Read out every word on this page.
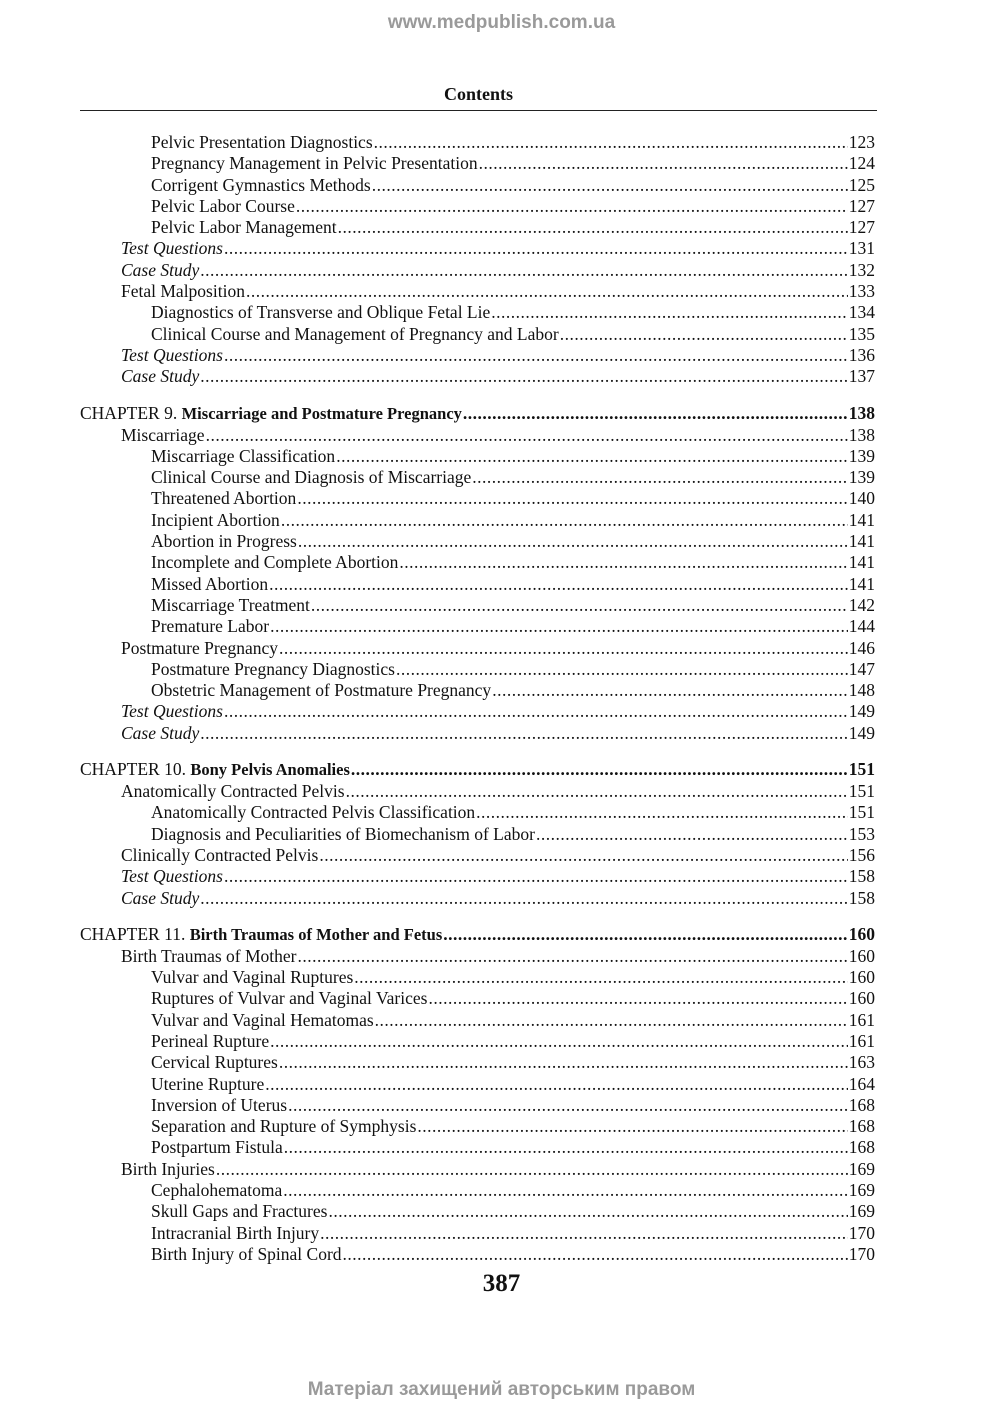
www.medpublish.com.ua
Contents
Pelvic Presentation Diagnostics .....	123
Pregnancy Management in Pelvic Presentation .....	124
Corrigent Gymnastics Methods .....	125
Pelvic Labor Course .....	127
Pelvic Labor Management .....	127
Test Questions .....	131
Case Study .....	132
Fetal Malposition .....	133
Diagnostics of Transverse and Oblique Fetal Lie .....	134
Clinical Course and Management of Pregnancy and Labor .....	135
Test Questions .....	136
Case Study .....	137
CHAPTER 9. Miscarriage and Postmature Pregnancy .....	138
Miscarriage .....	138
Miscarriage Classification .....	139
Clinical Course and Diagnosis of Miscarriage .....	139
Threatened Abortion .....	140
Incipient Abortion .....	141
Abortion in Progress .....	141
Incomplete and Complete Abortion .....	141
Missed Abortion .....	141
Miscarriage Treatment .....	142
Premature Labor .....	144
Postmature Pregnancy .....	146
Postmature Pregnancy Diagnostics .....	147
Obstetric Management of Postmature Pregnancy .....	148
Test Questions .....	149
Case Study .....	149
CHAPTER 10. Bony Pelvis Anomalies .....	151
Anatomically Contracted Pelvis .....	151
Anatomically Contracted Pelvis Classification .....	151
Diagnosis and Peculiarities of Biomechanism of Labor .....	153
Clinically Contracted Pelvis .....	156
Test Questions .....	158
Case Study .....	158
CHAPTER 11. Birth Traumas of Mother and Fetus .....	160
Birth Traumas of Mother .....	160
Vulvar and Vaginal Ruptures .....	160
Ruptures of Vulvar and Vaginal Varices .....	160
Vulvar and Vaginal Hematomas .....	161
Perineal Rupture .....	161
Cervical Ruptures .....	163
Uterine Rupture .....	164
Inversion of Uterus .....	168
Separation and Rupture of Symphysis .....	168
Postpartum Fistula .....	168
Birth Injuries .....	169
Cephalohematoma .....	169
Skull Gaps and Fractures .....	169
Intracranial Birth Injury .....	170
Birth Injury of Spinal Cord .....	170
387
Матеріал захищений авторським правом
